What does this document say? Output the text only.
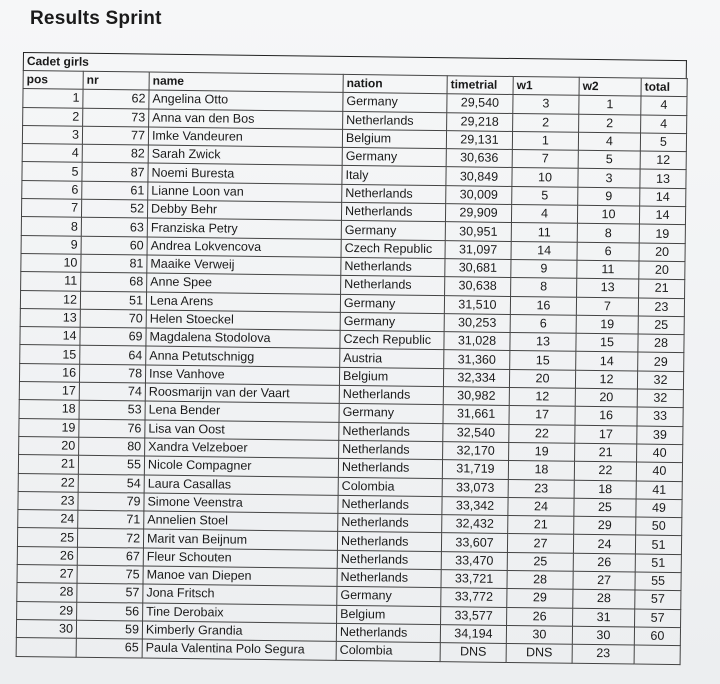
Results Sprint
Cadet girls
pos	nr	name	nation	timetrial	w1	w2	total
1	62	Angelina Otto	Germany	29,540	3	1	4
2	73	Anna van den Bos	Netherlands	29,218	2	2	4
3	77	Imke Vandeuren	Belgium	29,131	1	4	5
4	82	Sarah Zwick	Germany	30,636	7	5	12
5	87	Noemi Buresta	Italy	30,849	10	3	13
6	61	Lianne Loon van	Netherlands	30,009	5	9	14
7	52	Debby Behr	Netherlands	29,909	4	10	14
8	63	Franziska Petry	Germany	30,951	11	8	19
9	60	Andrea Lokvencova	Czech Republic	31,097	14	6	20
10	81	Maaike Verweij	Netherlands	30,681	9	11	20
11	68	Anne Spee	Netherlands	30,638	8	13	21
12	51	Lena Arens	Germany	31,510	16	7	23
13	70	Helen Stoeckel	Germany	30,253	6	19	25
14	69	Magdalena Stodolova	Czech Republic	31,028	13	15	28
15	64	Anna Petutschnigg	Austria	31,360	15	14	29
16	78	Inse Vanhove	Belgium	32,334	20	12	32
17	74	Roosmarijn van der Vaart	Netherlands	30,982	12	20	32
18	53	Lena Bender	Germany	31,661	17	16	33
19	76	Lisa van Oost	Netherlands	32,540	22	17	39
20	80	Xandra Velzeboer	Netherlands	32,170	19	21	40
21	55	Nicole Compagner	Netherlands	31,719	18	22	40
22	54	Laura Casallas	Colombia	33,073	23	18	41
23	79	Simone Veenstra	Netherlands	33,342	24	25	49
24	71	Annelien Stoel	Netherlands	32,432	21	29	50
25	72	Marit van Beijnum	Netherlands	33,607	27	24	51
26	67	Fleur Schouten	Netherlands	33,470	25	26	51
27	75	Manoe van Diepen	Netherlands	33,721	28	27	55
28	57	Jona Fritsch	Germany	33,772	29	28	57
29	56	Tine Derobaix	Belgium	33,577	26	31	57
30	59	Kimberly Grandia	Netherlands	34,194	30	30	60
	65	Paula Valentina Polo Segura	Colombia	DNS	DNS	23	
